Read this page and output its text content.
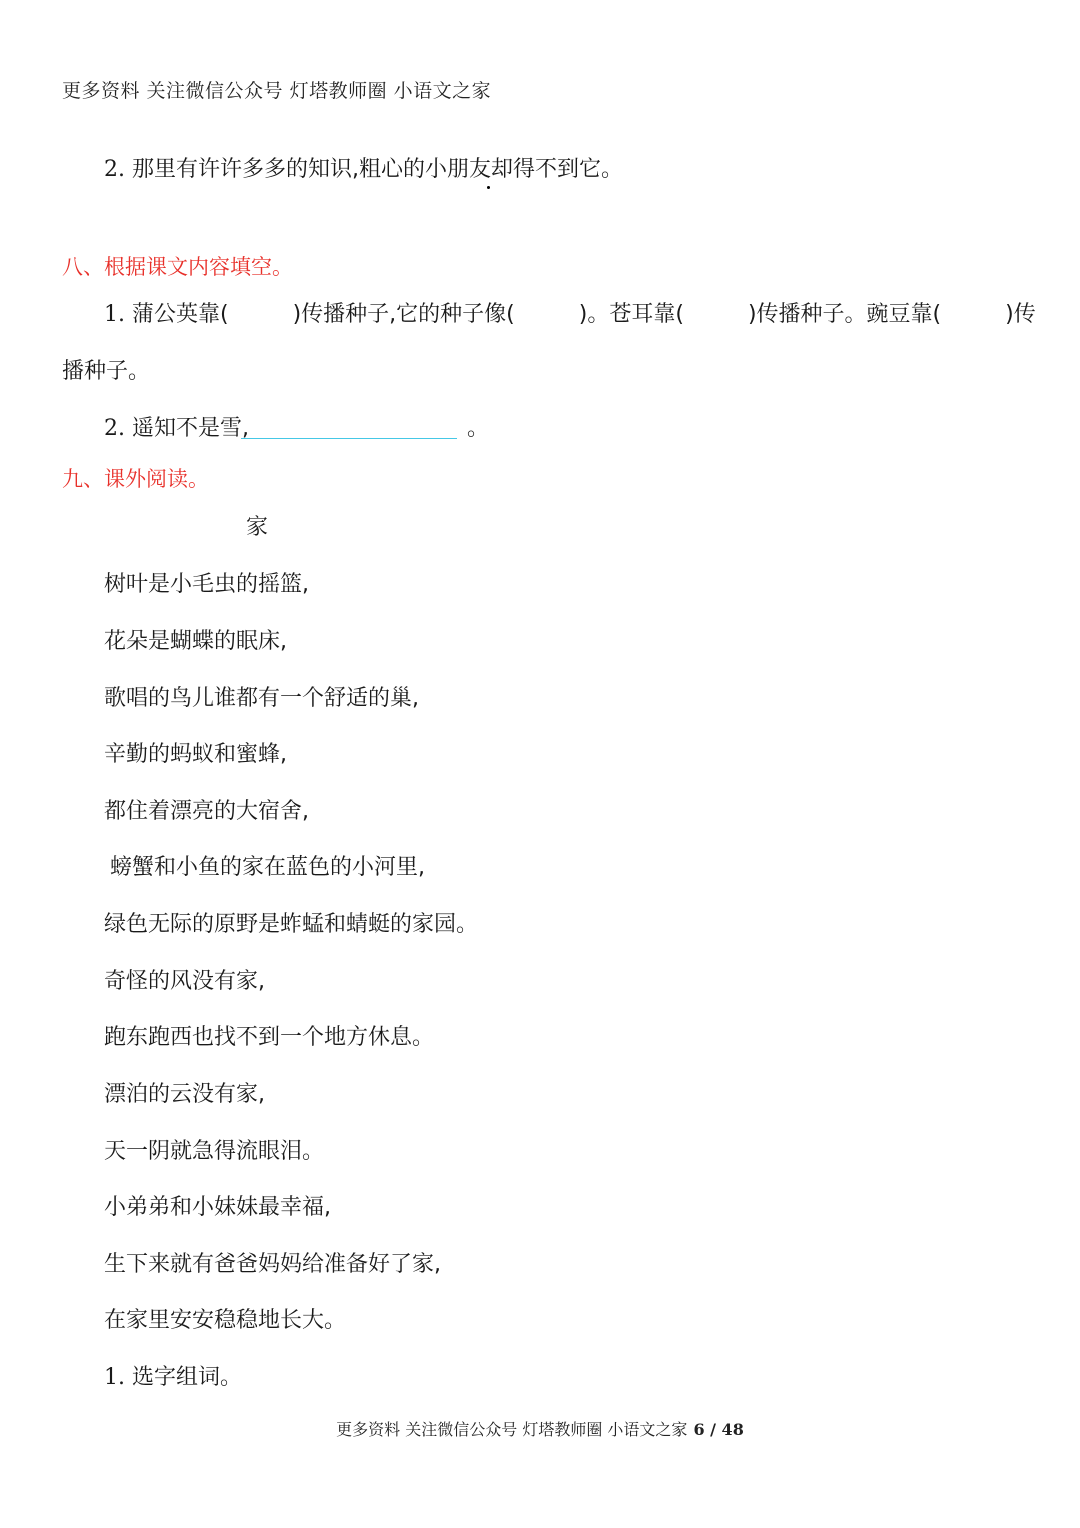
更多资料 关注微信公众号 灯塔教师圈 小语文之家
2. 那里有许许多多的知识,粗心的小朋友却得不到它。
八、根据课文内容填空。
1. 蒲公英靠(	)传播种子,它的种子像(	)。苍耳靠(	)传播种子。豌豆靠(	)传
播种子。
2. 遥知不是雪,	。
九、课外阅读。
家
树叶是小毛虫的摇篮,
花朵是蝴蝶的眠床,
歌唱的鸟儿谁都有一个舒适的巢,
辛勤的蚂蚁和蜜蜂,
都住着漂亮的大宿舍,
螃蟹和小鱼的家在蓝色的小河里,
绿色无际的原野是蚱蜢和蜻蜓的家园。
奇怪的风没有家,
跑东跑西也找不到一个地方休息。
漂泊的云没有家,
天一阴就急得流眼泪。
小弟弟和小妹妹最幸福,
生下来就有爸爸妈妈给准备好了家,
在家里安安稳稳地长大。
1. 选字组词。
更多资料 关注微信公众号 灯塔教师圈 小语文之家 6 / 48
